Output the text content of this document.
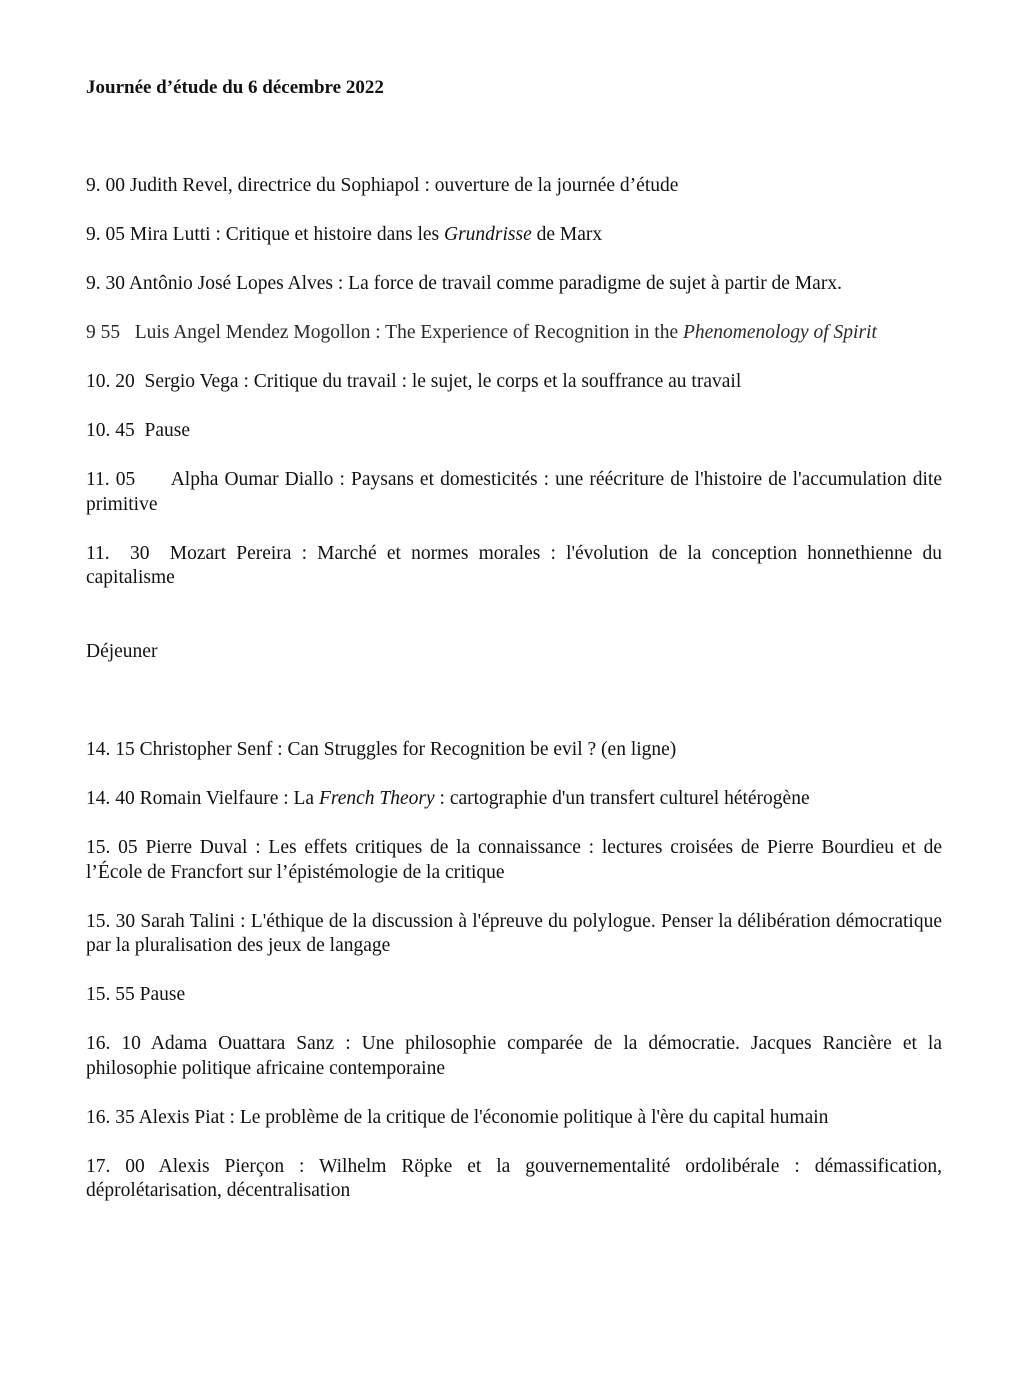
Journée d’étude du 6 décembre 2022

9. 00 Judith Revel, directrice du Sophiapol : ouverture de la journée d’étude

9. 05 Mira Lutti : Critique et histoire dans les Grundrisse de Marx

9. 30 Antônio José Lopes Alves : La force de travail comme paradigme de sujet à partir de Marx.

9 55 Luis Angel Mendez Mogollon : The Experience of Recognition in the Phenomenology of Spirit

10. 20 Sergio Vega : Critique du travail : le sujet, le corps et la souffrance au travail

10. 45 Pause

11. 05 Alpha Oumar Diallo : Paysans et domesticités : une réécriture de l'histoire de l'accumulation dite primitive

11.  30 Mozart Pereira : Marché et normes morales : l'évolution de la conception honnethienne du capitalisme

Déjeuner

14. 15 Christopher Senf : Can Struggles for Recognition be evil ? (en ligne)

14. 40 Romain Vielfaure : La French Theory : cartographie d'un transfert culturel hétérogène

15. 05 Pierre Duval : Les effets critiques de la connaissance : lectures croisées de Pierre Bourdieu et de l’École de Francfort sur l’épistémologie de la critique

15. 30 Sarah Talini : L'éthique de la discussion à l'épreuve du polylogue. Penser la délibération démocratique par la pluralisation des jeux de langage

15. 55 Pause

16. 10 Adama Ouattara Sanz : Une philosophie comparée de la démocratie. Jacques Rancière et la philosophie politique africaine contemporaine

16. 35 Alexis Piat : Le problème de la critique de l'économie politique à l'ère du capital humain

17. 00 Alexis Pierçon : Wilhelm Röpke et la gouvernementalité ordolibérale : démassification, déprolétarisation, décentralisation
